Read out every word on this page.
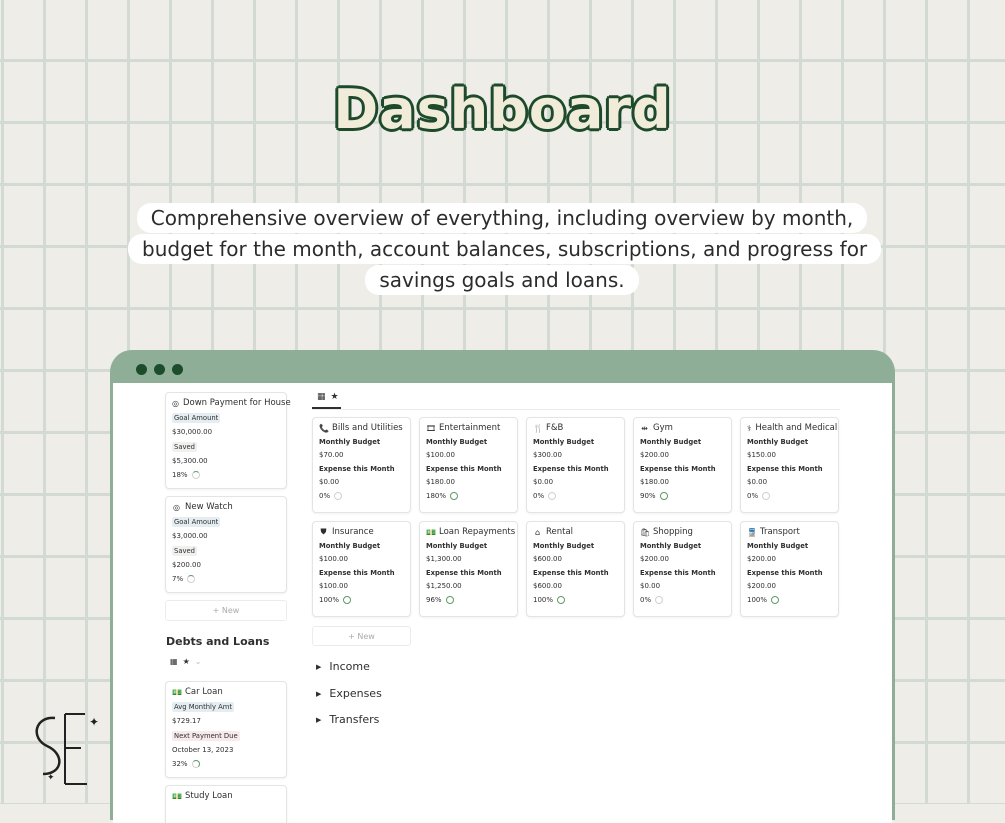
Dashboard
Comprehensive overview of everything, including overview by month, budget for the month, account balances, subscriptions, and progress for savings goals and loans.
◎ Down Payment for House
Goal Amount
$30,000.00
Saved
$5,300.00
18%
◎ New Watch
Goal Amount
$3,000.00
Saved
$200.00
7%
+ New
Debts and Loans
▦ ★ ⌄
💵 Car Loan
Avg Monthly Amt
$729.17
Next Payment Due
October 13, 2023
32%
💵 Study Loan
▦ ★
📞 Bills and Utilities
Monthly Budget
$70.00
Expense this Month
$0.00
0%
🎞 Entertainment
Monthly Budget
$100.00
Expense this Month
$180.00
180%
🍴 F&B
Monthly Budget
$300.00
Expense this Month
$0.00
0%
⇹ Gym
Monthly Budget
$200.00
Expense this Month
$180.00
90%
⚕ Health and Medical
Monthly Budget
$150.00
Expense this Month
$0.00
0%
⛊ Insurance
Monthly Budget
$100.00
Expense this Month
$100.00
100%
💵 Loan Repayments
Monthly Budget
$1,300.00
Expense this Month
$1,250.00
96%
⌂ Rental
Monthly Budget
$600.00
Expense this Month
$600.00
100%
🛍 Shopping
Monthly Budget
$200.00
Expense this Month
$0.00
0%
🚆 Transport
Monthly Budget
$200.00
Expense this Month
$200.00
100%
+ New
▶ Income
▶ Expenses
▶ Transfers
✦
✦
